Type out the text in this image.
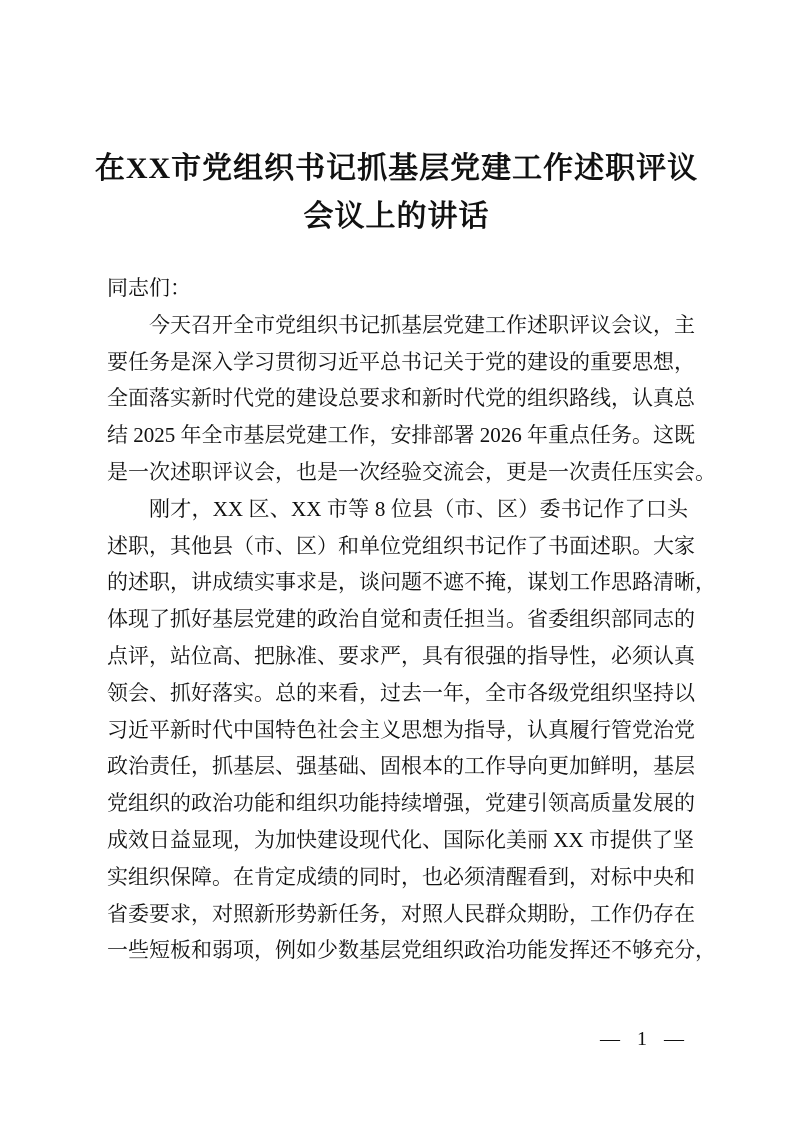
在XX市党组织书记抓基层党建工作述职评议
会议上的讲话
同志们：
今天召开全市党组织书记抓基层党建工作述职评议会议，主
要任务是深入学习贯彻习近平总书记关于党的建设的重要思想，
全面落实新时代党的建设总要求和新时代党的组织路线，认真总
结 2025 年全市基层党建工作，安排部署 2026 年重点任务。这既
是一次述职评议会，也是一次经验交流会，更是一次责任压实会。
刚才，XX 区、XX 市等 8 位县（市、区）委书记作了口头
述职，其他县（市、区）和单位党组织书记作了书面述职。大家
的述职，讲成绩实事求是，谈问题不遮不掩，谋划工作思路清晰，
体现了抓好基层党建的政治自觉和责任担当。省委组织部同志的
点评，站位高、把脉准、要求严，具有很强的指导性，必须认真
领会、抓好落实。总的来看，过去一年，全市各级党组织坚持以
习近平新时代中国特色社会主义思想为指导，认真履行管党治党
政治责任，抓基层、强基础、固根本的工作导向更加鲜明，基层
党组织的政治功能和组织功能持续增强，党建引领高质量发展的
成效日益显现，为加快建设现代化、国际化美丽 XX 市提供了坚
实组织保障。在肯定成绩的同时，也必须清醒看到，对标中央和
省委要求，对照新形势新任务，对照人民群众期盼，工作仍存在
一些短板和弱项，例如少数基层党组织政治功能发挥还不够充分，
— 1 —
